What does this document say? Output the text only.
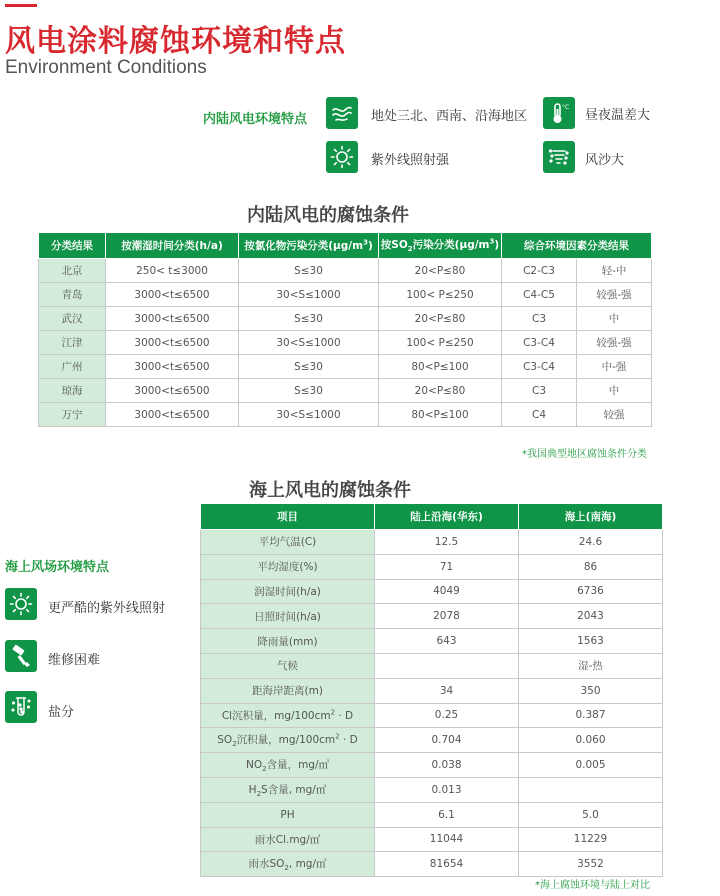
风电涂料腐蚀环境和特点
Environment Conditions
内陆风电环境特点	地处三北、西南、沿海地区
°C
昼夜温差大
紫外线照射强	风沙大
内陆风电的腐蚀条件
分类结果	按潮湿时间分类(h/a)	按氯化物污染分类$(\mu g/m^3)$	按$SO_2$污染分类$(\mu g/m^3)$	综合环境因素分类结果	
北京	250< t≤3000	S≤30	20<P≤80	C2-C3	轻-中
青岛	3000<t≤6500	30<S≤1000	100< P≤250	C4-C5	较强-强
武汉	3000<t≤6500	S≤30	20<P≤80	C3	中
江津	3000<t≤6500	30<S≤1000	100< P≤250	C3-C4	较强-强
广州	3000<t≤6500	S≤30	80<P≤100	C3-C4	中-强
琼海	3000<t≤6500	S≤30	20<P≤80	C3	中
万宁	3000<t≤6500	30<S≤1000	80<P≤100	C4	较强
*我国典型地区腐蚀条件分类
海上风电的腐蚀条件
项目	陆上沿海(华东)	海上(南海)
平均气温(C)	12.5	24.6
平均湿度(%)	71	86
润湿时间(h/a)	4049	6736
日照时间(h/a)	2078	2043
降雨量(mm)	643	1563
气候		湿-热
距海岸距离(m)	34	350
Cl沉积量，$mg/100cm^2 \cdot D$	0.25	0.387
$SO_2$沉积量，$mg/100cm^2 \cdot D$	0.704	0.060
$NO_2$含量，mg/㎥	0.038	0.005
$H_2S$含量, mg/㎥	0.013	
PH	6.1	5.0
雨水Cl.mg/㎥	11044	11229
雨水$SO_2$, mg/㎥	81654	3552
*海上腐蚀环境与陆上对比
海上风场环境特点
更严酷的紫外线照射
维修困难
盐分
